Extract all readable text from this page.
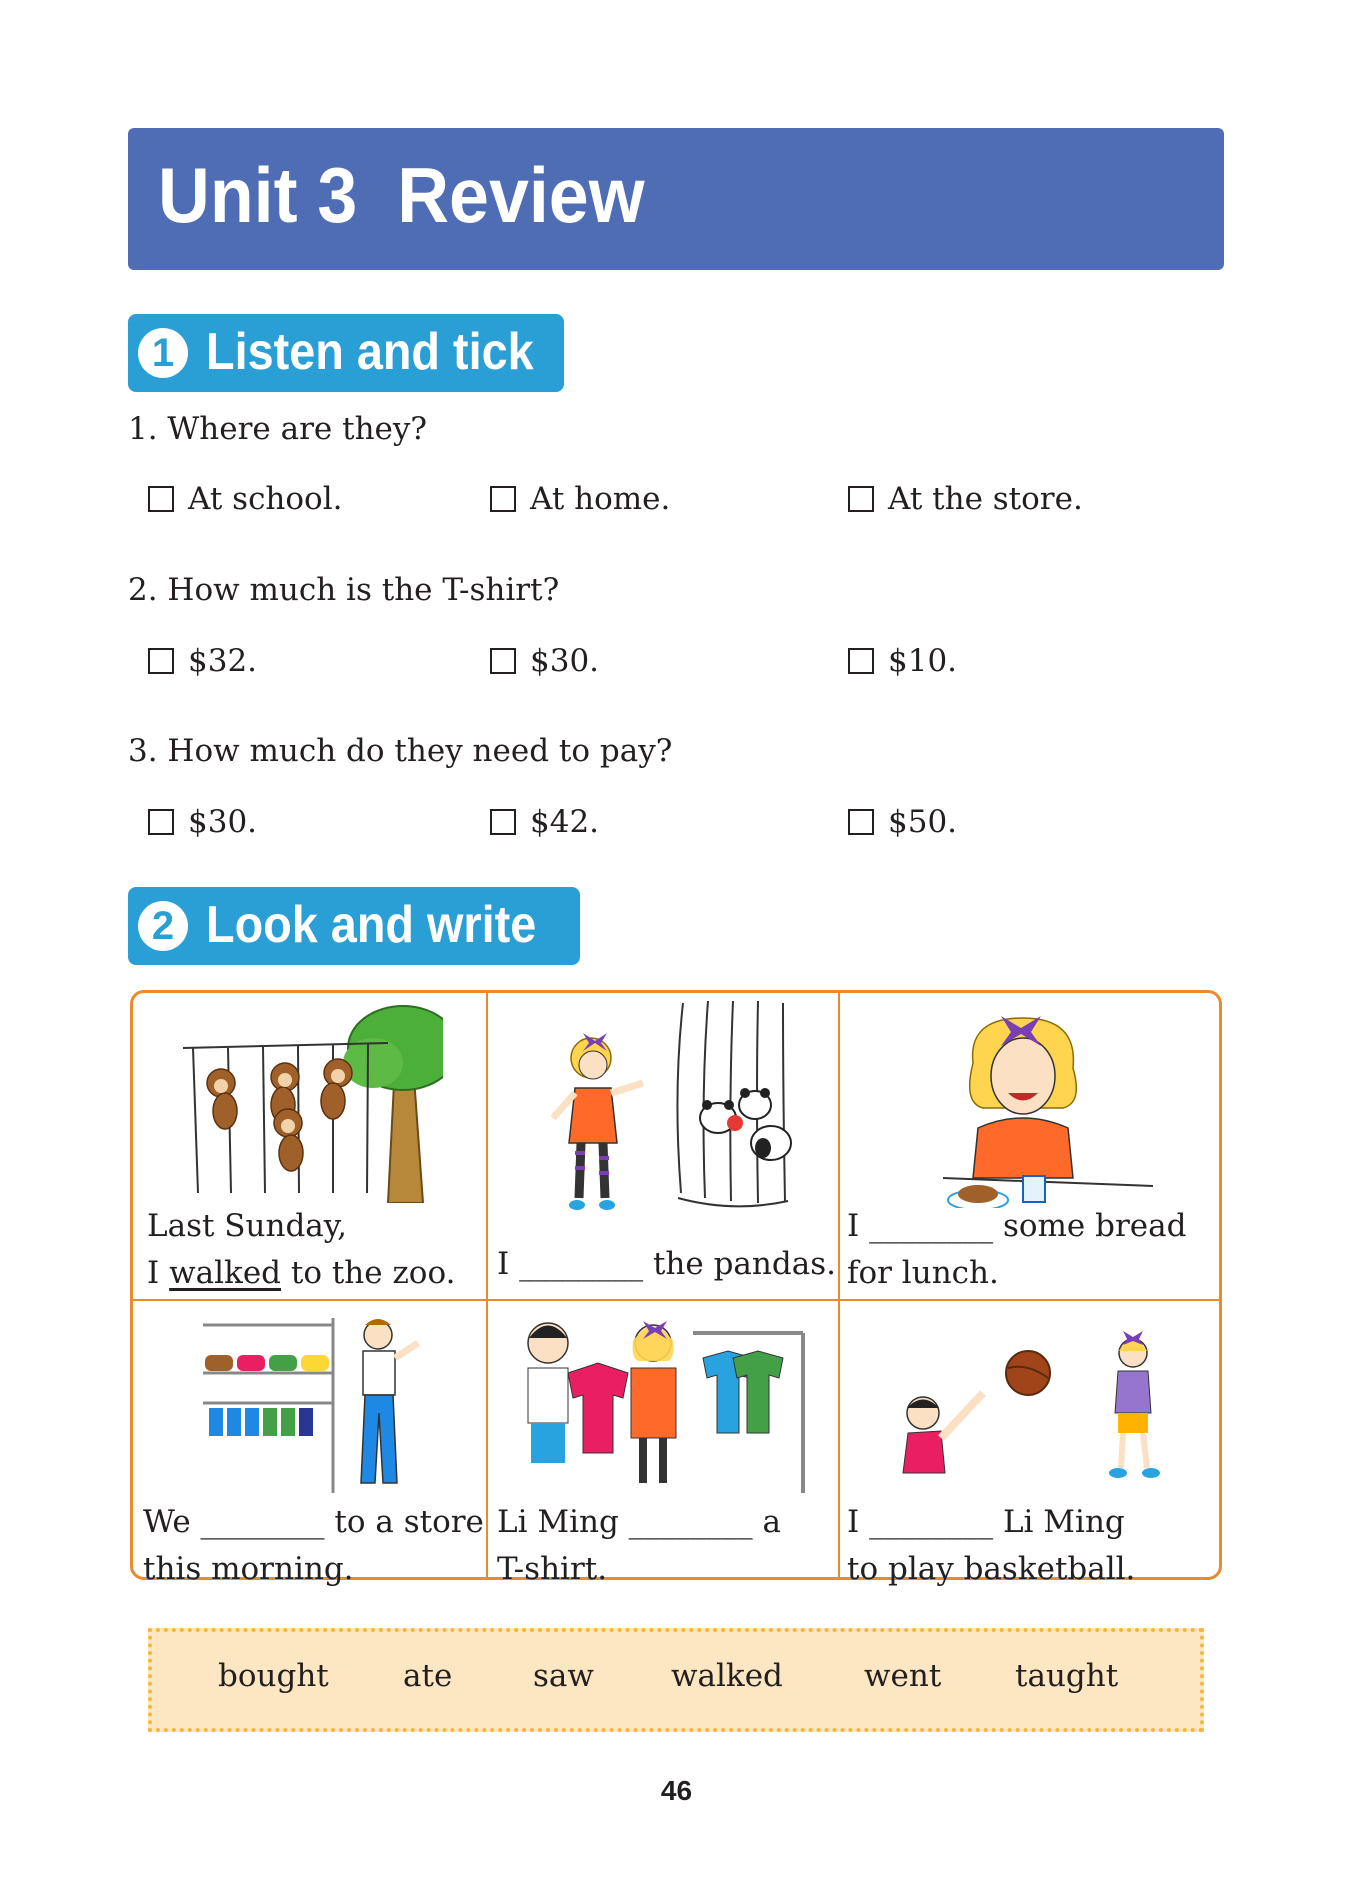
Unit 3  Review
1 Listen and tick
1. Where are they?
At school.	At home.	At the store.
2. How much is the T-shirt?
$32.	$30.	$10.
3. How much do they need to pay?
$30.	$42.	$50.
2 Look and write
Last Sunday,
I walked to the zoo. I ________ the pandas.
I ________ some bread
for lunch.
We ________ to a store
this morning.
Li Ming ________ a
T-shirt.
I ________ Li Ming
to play basketball.
bought ate	saw walked	went taught
46
